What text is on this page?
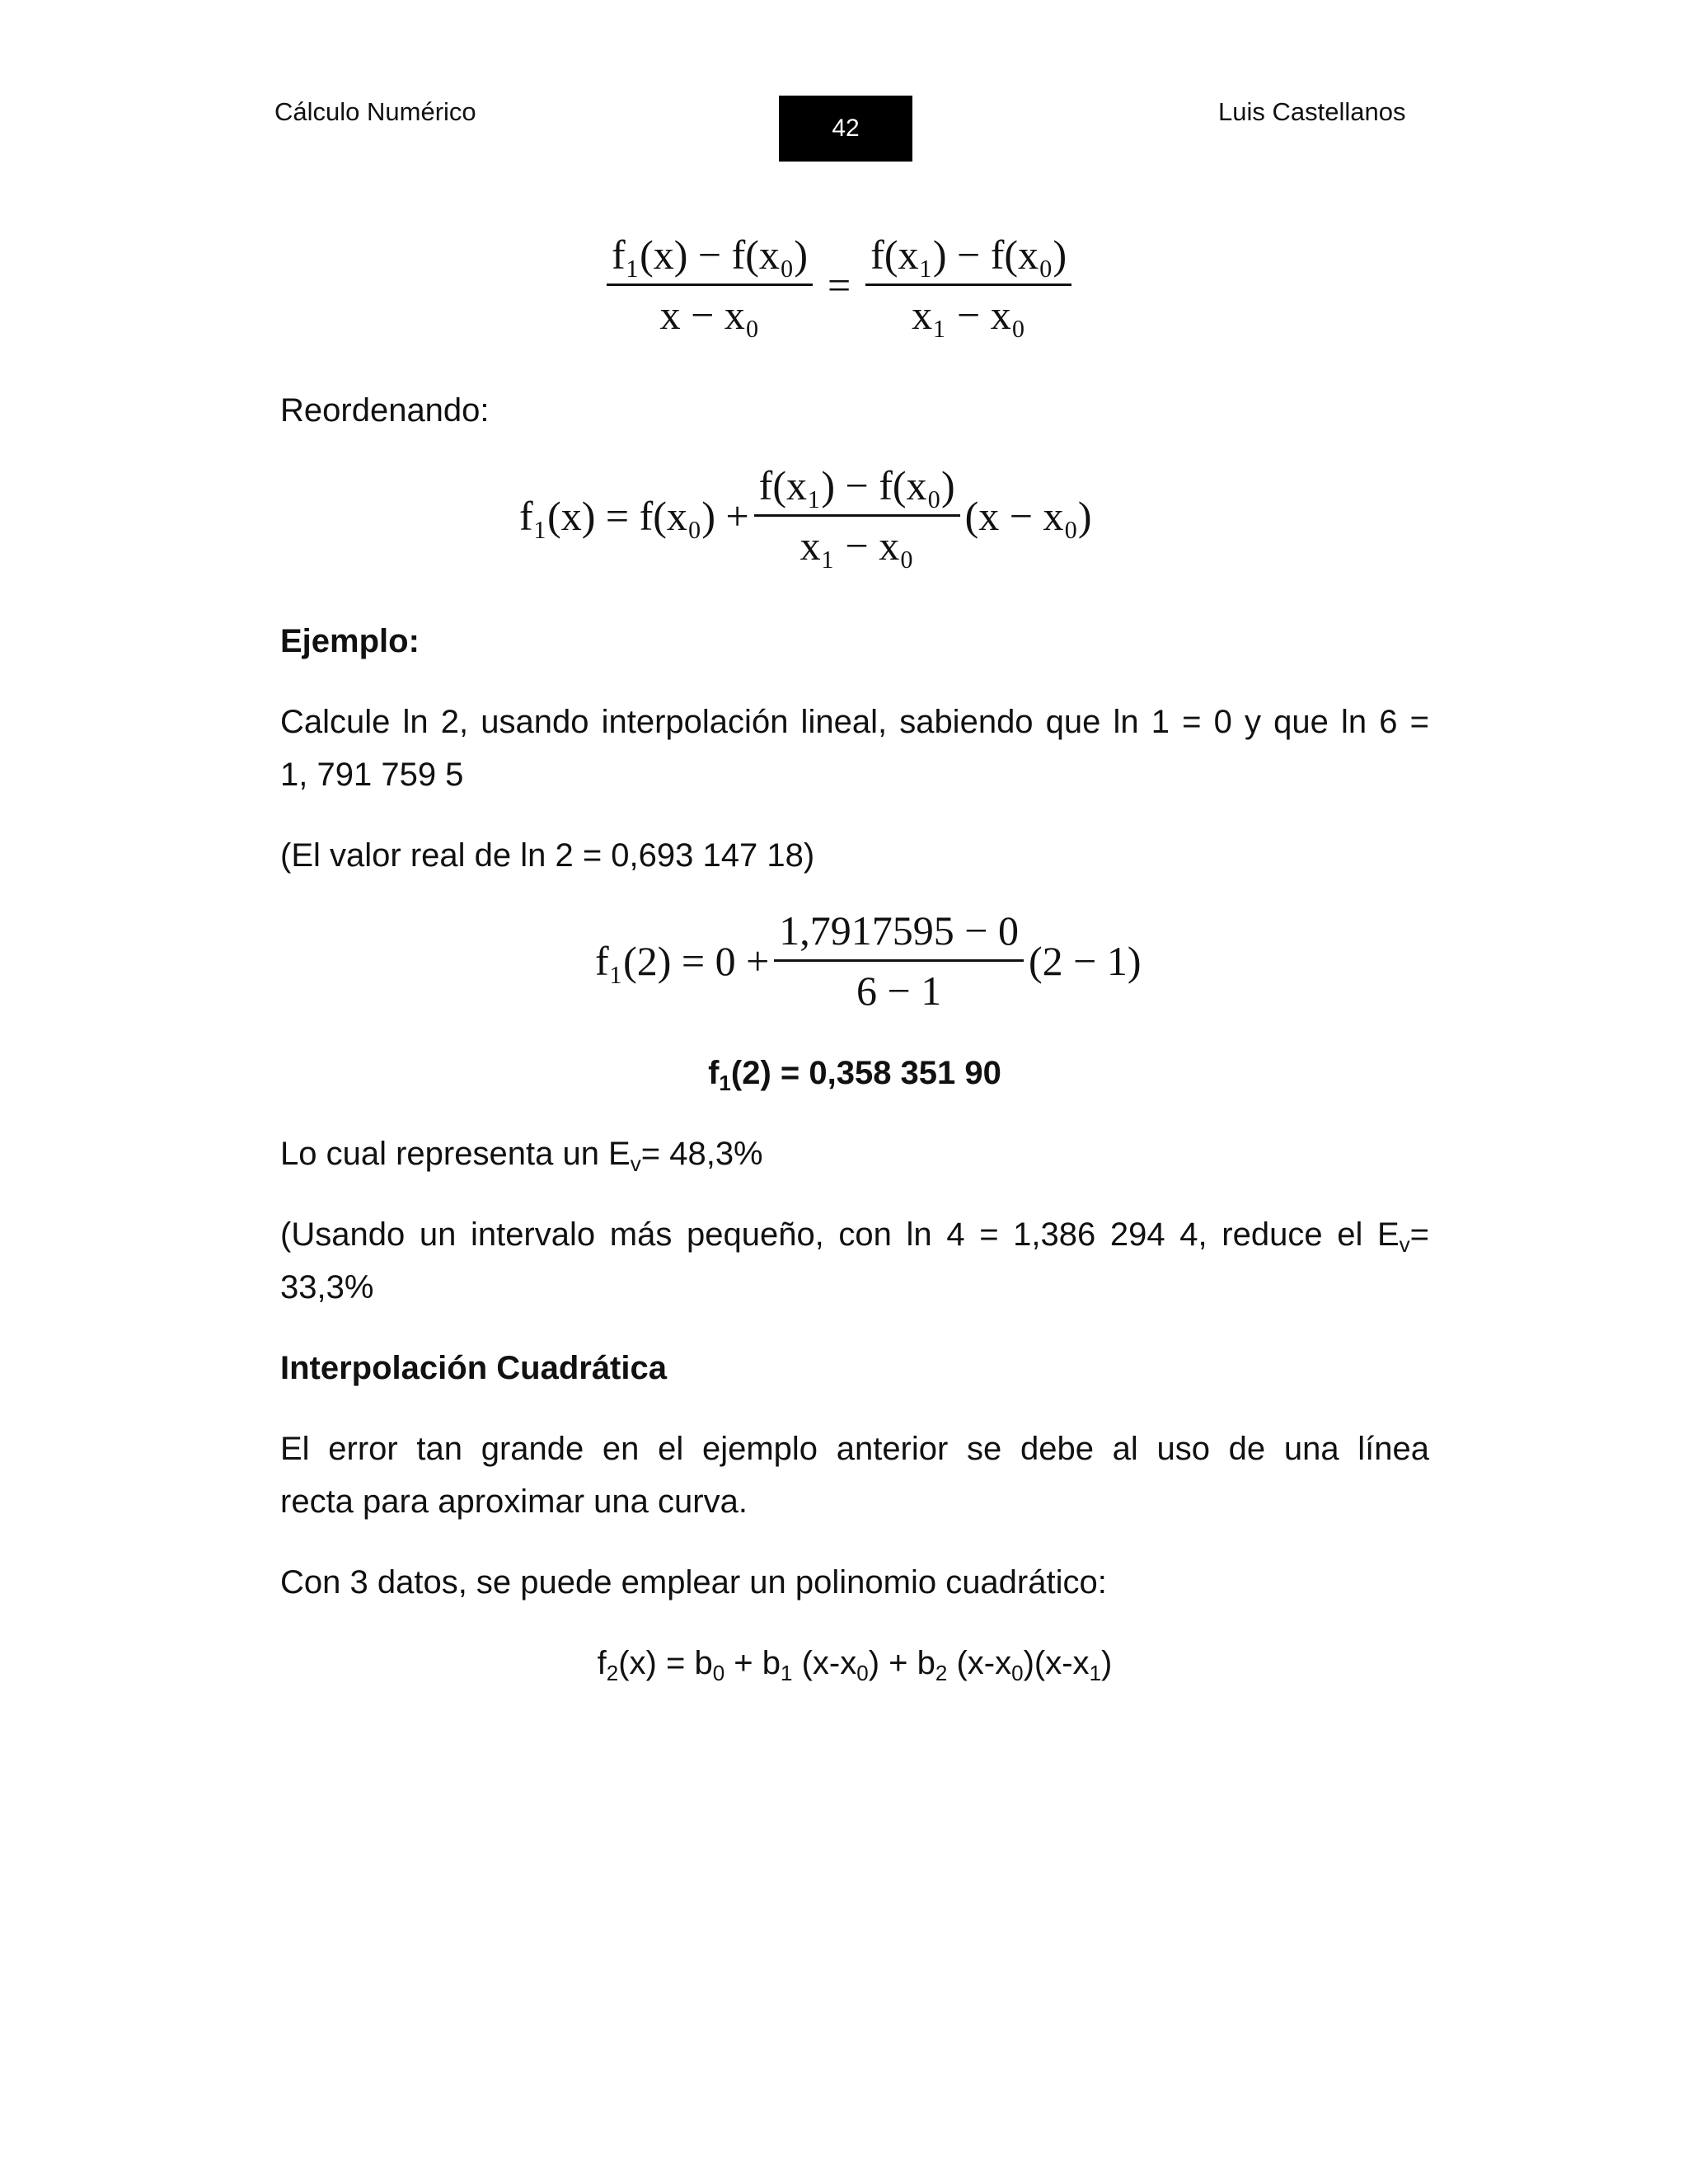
Cálculo Numérico
42
Luis Castellanos
$\frac{\text{f₁(x) − f(x₀)}}{\text{x − x₀}} = \frac{\text{f(x₁) − f(x₀)}}{\text{x₁ − x₀}}$
Reordenando:
$f_1(x) = f(x_0) + \frac{\text{f(x₁) − f(x₀)}}{\text{x₁ − x₀}} (x - x_0)$
Ejemplo:
Calcule ln 2, usando interpolación lineal, sabiendo que ln 1 = 0 y que ln 6 =
1, 791 759 5
(El valor real de ln 2 = 0,693 147 18)
$f_1(2) = 0 + \frac{1,7917595 - 0}{6 - 1} (2 - 1)$
$f_1(2) = 0,358$ 351 90
Lo cual representa un $E_v= 48,3\%$
(Usando un intervalo más pequeño, con ln 4 = 1,386 294 4, reduce el $E_v=$
33,3%
Interpolación Cuadrática
El error tan grande en el ejemplo anterior se debe al uso de una línea
recta para aproximar una curva.
Con 3 datos, se puede emplear un polinomio cuadrático:
$f_2(x) = b_0 + b_1$ $(x-x_0) + b_2$ $(x-x_0)(x-x_1)$
